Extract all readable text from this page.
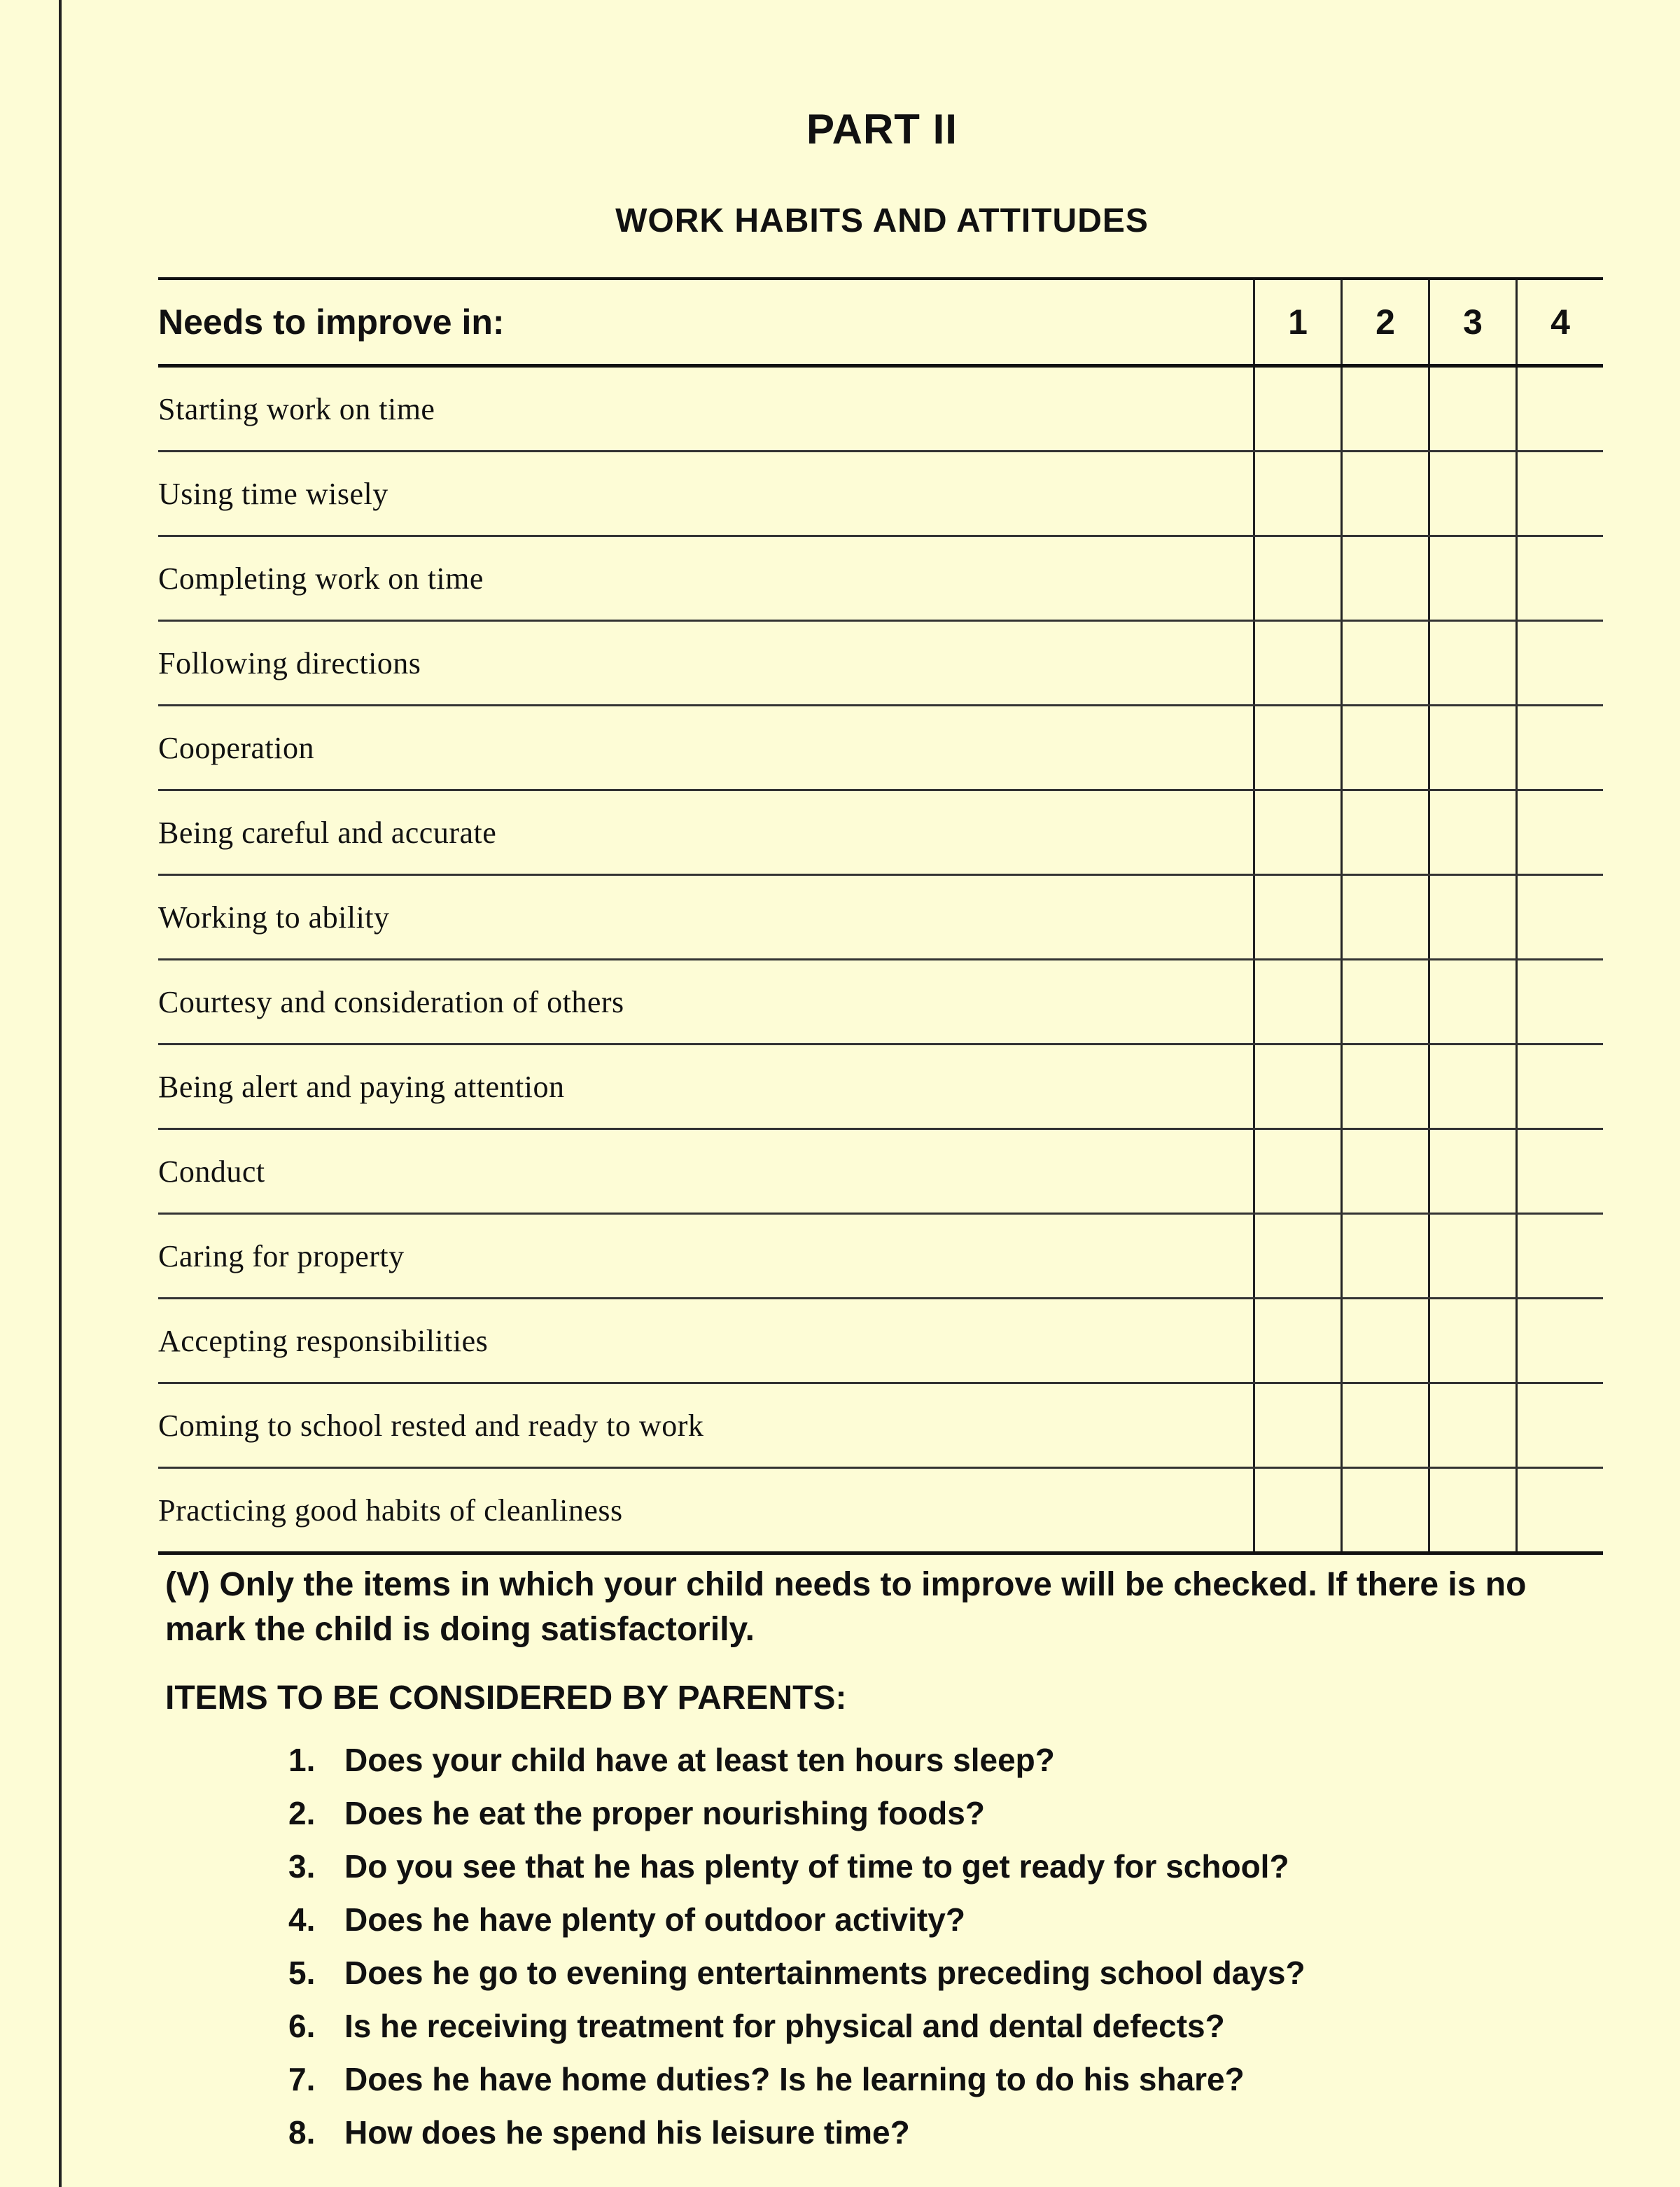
PART II
WORK HABITS AND ATTITUDES
Needs to improve in:	1	2	3	4
Starting work on time				
Using time wisely				
Completing work on time				
Following directions				
Cooperation				
Being careful and accurate				
Working to ability				
Courtesy and consideration of others				
Being alert and paying attention				
Conduct				
Caring for property				
Accepting responsibilities				
Coming to school rested and ready to work				
Practicing good habits of cleanliness				
(V) Only the items in which your child needs to improve will be checked. If there is no mark the child is doing satisfactorily.
ITEMS TO BE CONSIDERED BY PARENTS:
1. Does your child have at least ten hours sleep?
2. Does he eat the proper nourishing foods?
3. Do you see that he has plenty of time to get ready for school?
4. Does he have plenty of outdoor activity?
5. Does he go to evening entertainments preceding school days?
6. Is he receiving treatment for physical and dental defects?
7. Does he have home duties? Is he learning to do his share?
8. How does he spend his leisure time?
